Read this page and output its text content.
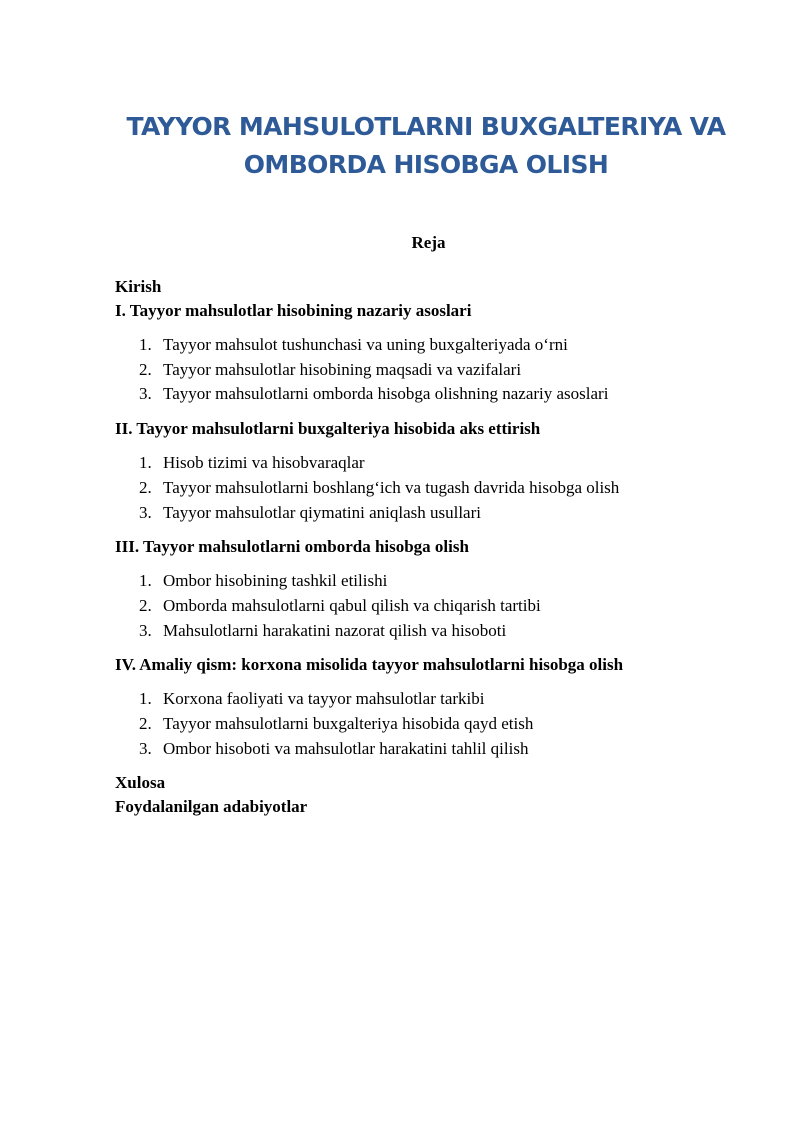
TAYYOR MAHSULOTLARNI BUXGALTERIYA VA OMBORDA HISOBGA OLISH
Reja

Kirish

I. Tayyor mahsulotlar hisobining nazariy asoslari

1. Tayyor mahsulot tushunchasi va uning buxgalteriyada o‘rni
2. Tayyor mahsulotlar hisobining maqsadi va vazifalari
3. Tayyor mahsulotlarni omborda hisobga olishning nazariy asoslari

II. Tayyor mahsulotlarni buxgalteriya hisobida aks ettirish

1. Hisob tizimi va hisobvaraqlar
2. Tayyor mahsulotlarni boshlang‘ich va tugash davrida hisobga olish
3. Tayyor mahsulotlar qiymatini aniqlash usullari

III. Tayyor mahsulotlarni omborda hisobga olish

1. Ombor hisobining tashkil etilishi
2. Omborda mahsulotlarni qabul qilish va chiqarish tartibi
3. Mahsulotlarni harakatini nazorat qilish va hisoboti

IV. Amaliy qism: korxona misolida tayyor mahsulotlarni hisobga olish

1. Korxona faoliyati va tayyor mahsulotlar tarkibi
2. Tayyor mahsulotlarni buxgalteriya hisobida qayd etish
3. Ombor hisoboti va mahsulotlar harakatini tahlil qilish

Xulosa

Foydalanilgan adabiyotlar
